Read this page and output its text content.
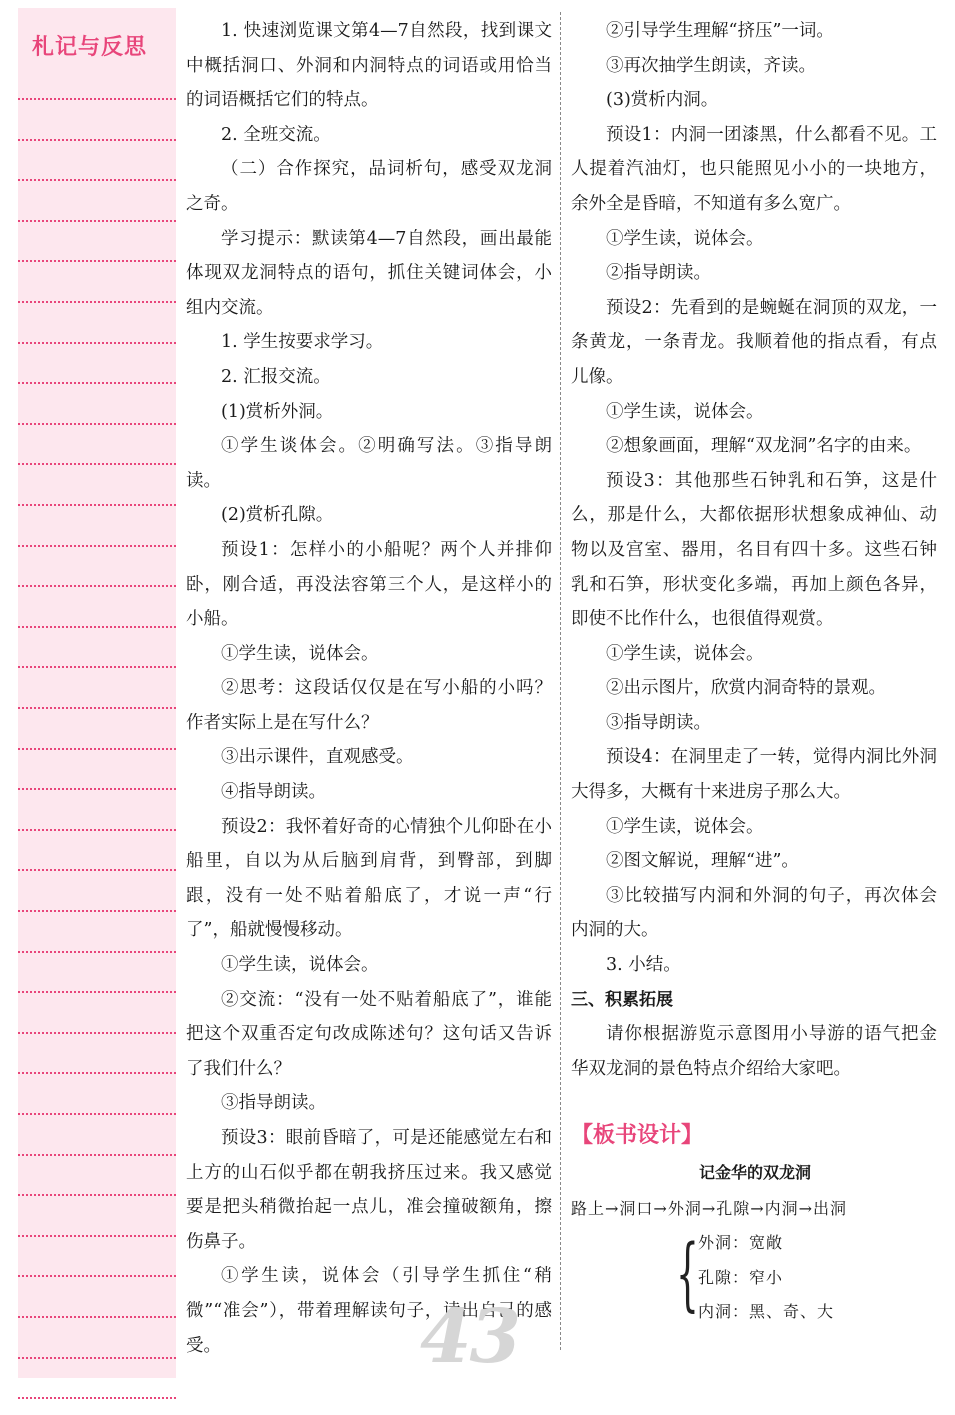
札记与反思

1. 快速浏览课文第4—7自然段，找到课文中概括洞口、外洞和内洞特点的词语或用恰当的词语概括它们的特点。

2. 全班交流。

（二）合作探究，品词析句，感受双龙洞之奇。

学习提示：默读第4—7自然段，画出最能体现双龙洞特点的语句，抓住关键词体会，小组内交流。

1. 学生按要求学习。

2. 汇报交流。

(1)赏析外洞。

①学生谈体会。②明确写法。③指导朗读。

(2)赏析孔隙。

预设1：怎样小的小船呢？两个人并排仰卧，刚合适，再没法容第三个人，是这样小的小船。

①学生读，说体会。

②思考：这段话仅仅是在写小船的小吗？作者实际上是在写什么？

③出示课件，直观感受。

④指导朗读。

预设2：我怀着好奇的心情独个儿仰卧在小船里，自以为从后脑到肩背，到臀部，到脚跟，没有一处不贴着船底了，才说一声“行了”，船就慢慢移动。

①学生读，说体会。

②交流：“没有一处不贴着船底了”，谁能把这个双重否定句改成陈述句？这句话又告诉了我们什么？

③指导朗读。

预设3：眼前昏暗了，可是还能感觉左右和上方的山石似乎都在朝我挤压过来。我又感觉要是把头稍微抬起一点儿，准会撞破额角，擦伤鼻子。

①学生读，说体会（引导学生抓住“稍微”“准会”），带着理解读句子，读出自己的感受。

②引导学生理解“挤压”一词。

③再次抽学生朗读，齐读。

(3)赏析内洞。

预设1：内洞一团漆黑，什么都看不见。工人提着汽油灯，也只能照见小小的一块地方，余外全是昏暗，不知道有多么宽广。

①学生读，说体会。

②指导朗读。

预设2：先看到的是蜿蜒在洞顶的双龙，一条黄龙，一条青龙。我顺着他的指点看，有点儿像。

①学生读，说体会。

②想象画面，理解“双龙洞”名字的由来。

预设3：其他那些石钟乳和石笋，这是什么，那是什么，大都依据形状想象成神仙、动物以及宫室、器用，名目有四十多。这些石钟乳和石笋，形状变化多端，再加上颜色各异，即使不比作什么，也很值得观赏。

①学生读，说体会。

②出示图片，欣赏内洞奇特的景观。

③指导朗读。

预设4：在洞里走了一转，觉得内洞比外洞大得多，大概有十来进房子那么大。

①学生读，说体会。

②图文解说，理解“进”。

③比较描写内洞和外洞的句子，再次体会内洞的大。

3. 小结。

三、积累拓展

请你根据游览示意图用小导游的语气把金华双龙洞的景色特点介绍给大家吧。

【板书设计】
记金华的双龙洞
路上→洞口→外洞→孔隙→内洞→出洞
{ 外洞：宽敞
孔隙：窄小
内洞：黑、奇、大
43
